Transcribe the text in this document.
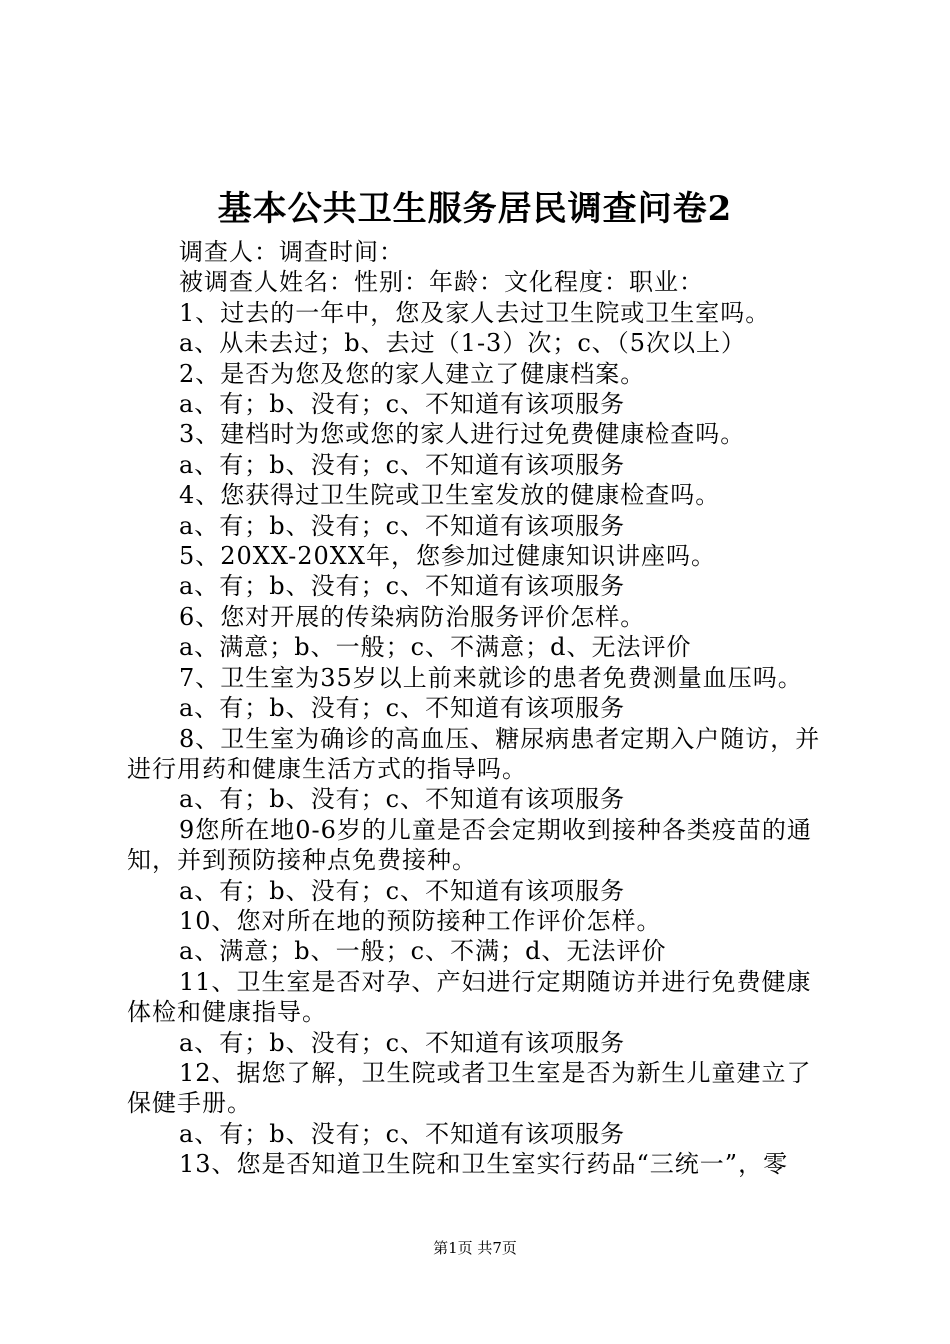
基本公共卫生服务居民调查问卷2
调查人：调查时间：
被调查人姓名：性别：年龄：文化程度：职业：
1、过去的一年中，您及家人去过卫生院或卫生室吗。
a、从未去过；b、去过（1-3）次；c、（5次以上）
2、是否为您及您的家人建立了健康档案。
a、有；b、没有；c、不知道有该项服务
3、建档时为您或您的家人进行过免费健康检查吗。
a、有；b、没有；c、不知道有该项服务
4、您获得过卫生院或卫生室发放的健康检查吗。
a、有；b、没有；c、不知道有该项服务
5、20XX-20XX年，您参加过健康知识讲座吗。
a、有；b、没有；c、不知道有该项服务
6、您对开展的传染病防治服务评价怎样。
a、满意；b、一般；c、不满意；d、无法评价
7、卫生室为35岁以上前来就诊的患者免费测量血压吗。
a、有；b、没有；c、不知道有该项服务
8、卫生室为确诊的高血压、糖尿病患者定期入户随访，并
进行用药和健康生活方式的指导吗。
a、有；b、没有；c、不知道有该项服务
9您所在地0-6岁的儿童是否会定期收到接种各类疫苗的通
知，并到预防接种点免费接种。
a、有；b、没有；c、不知道有该项服务
10、您对所在地的预防接种工作评价怎样。
a、满意；b、一般；c、不满；d、无法评价
11、卫生室是否对孕、产妇进行定期随访并进行免费健康
体检和健康指导。
a、有；b、没有；c、不知道有该项服务
12、据您了解，卫生院或者卫生室是否为新生儿童建立了
保健手册。
a、有；b、没有；c、不知道有该项服务
13、您是否知道卫生院和卫生室实行药品“三统一”，零
第1页 共7页
